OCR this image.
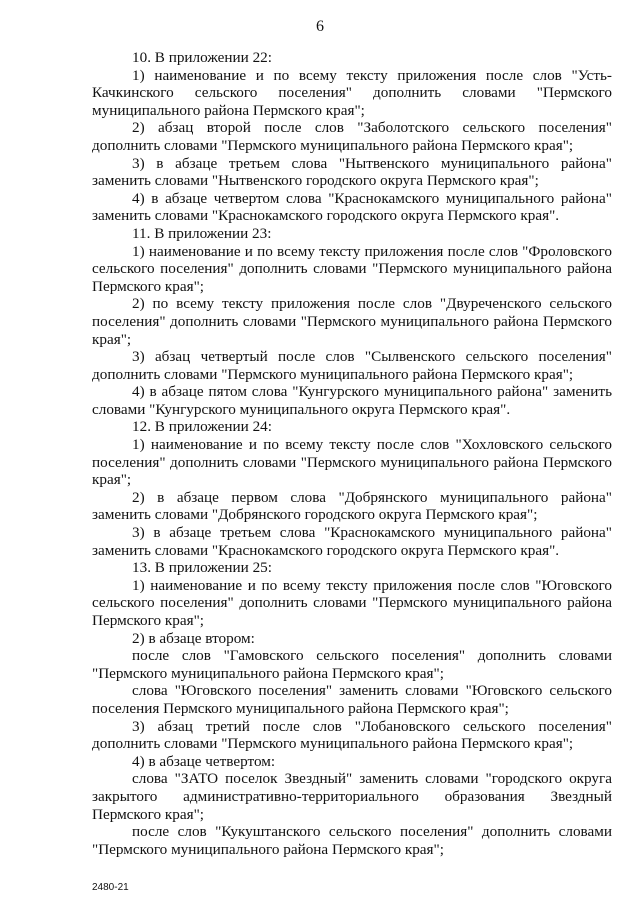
6

10. В приложении 22:

1) наименование и по всему тексту приложения после слов "Усть-Качкинского сельского поселения" дополнить словами "Пермского муниципального района Пермского края";

2) абзац второй после слов "Заболотского сельского поселения" дополнить словами "Пермского муниципального района Пермского края";

3) в абзаце третьем слова "Нытвенского муниципального района" заменить словами "Нытвенского городского округа Пермского края";

4) в абзаце четвертом слова "Краснокамского муниципального района" заменить словами "Краснокамского городского округа Пермского края".

11. В приложении 23:

1) наименование и по всему тексту приложения после слов "Фроловского сельского поселения" дополнить словами "Пермского муниципального района Пермского края";

2) по всему тексту приложения после слов "Двуреченского сельского поселения" дополнить словами "Пермского муниципального района Пермского края";

3) абзац четвертый после слов "Сылвенского сельского поселения" дополнить словами "Пермского муниципального района Пермского края";

4) в абзаце пятом слова "Кунгурского муниципального района" заменить словами "Кунгурского муниципального округа Пермского края".

12. В приложении 24:

1) наименование и по всему тексту после слов "Хохловского сельского поселения" дополнить словами "Пермского муниципального района Пермского края";

2) в абзаце первом слова "Добрянского муниципального района" заменить словами "Добрянского городского округа Пермского края";

3) в абзаце третьем слова "Краснокамского муниципального района" заменить словами "Краснокамского городского округа Пермского края".

13. В приложении 25:

1) наименование и по всему тексту приложения после слов "Юговского сельского поселения" дополнить словами "Пермского муниципального района Пермского края";

2) в абзаце втором:

после слов "Гамовского сельского поселения" дополнить словами "Пермского муниципального района Пермского края";

слова "Юговского поселения" заменить словами "Юговского сельского поселения Пермского муниципального района Пермского края";

3) абзац третий после слов "Лобановского сельского поселения" дополнить словами "Пермского муниципального района Пермского края";

4) в абзаце четвертом:

слова "ЗАТО поселок Звездный" заменить словами "городского округа закрытого административно-территориального образования Звездный Пермского края";

после слов "Кукуштанского сельского поселения" дополнить словами "Пермского муниципального района Пермского края";

2480-21
